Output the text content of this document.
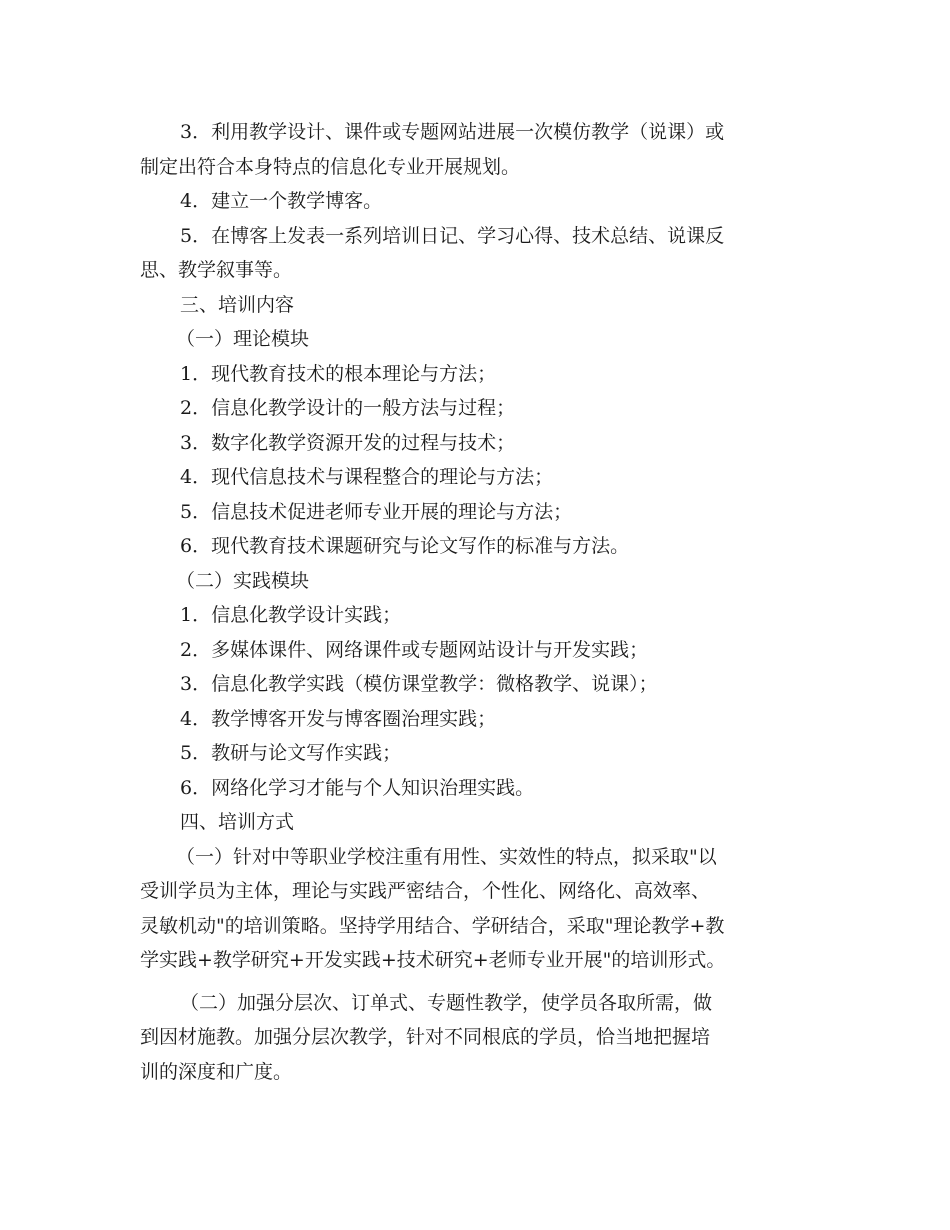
3．利用教学设计、课件或专题网站进展一次模仿教学（说课）或
制定出符合本身特点的信息化专业开展规划。
4．建立一个教学博客。
5．在博客上发表一系列培训日记、学习心得、技术总结、说课反
思、教学叙事等。
三、培训内容
（一）理论模块
1．现代教育技术的根本理论与方法；
2．信息化教学设计的一般方法与过程；
3．数字化教学资源开发的过程与技术；
4．现代信息技术与课程整合的理论与方法；
5．信息技术促进老师专业开展的理论与方法；
6．现代教育技术课题研究与论文写作的标准与方法。
（二）实践模块
1．信息化教学设计实践；
2．多媒体课件、网络课件或专题网站设计与开发实践；
3．信息化教学实践（模仿课堂教学：微格教学、说课）；
4．教学博客开发与博客圈治理实践；
5．教研与论文写作实践；
6．网络化学习才能与个人知识治理实践。
四、培训方式
（一）针对中等职业学校注重有用性、实效性的特点，拟采取"以
受训学员为主体，理论与实践严密结合，个性化、网络化、高效率、
灵敏机动"的培训策略。坚持学用结合、学研结合，采取"理论教学+教
学实践+教学研究+开发实践+技术研究+老师专业开展"的培训形式。
（二）加强分层次、订单式、专题性教学，使学员各取所需，做
到因材施教。加强分层次教学，针对不同根底的学员，恰当地把握培
训的深度和广度。
